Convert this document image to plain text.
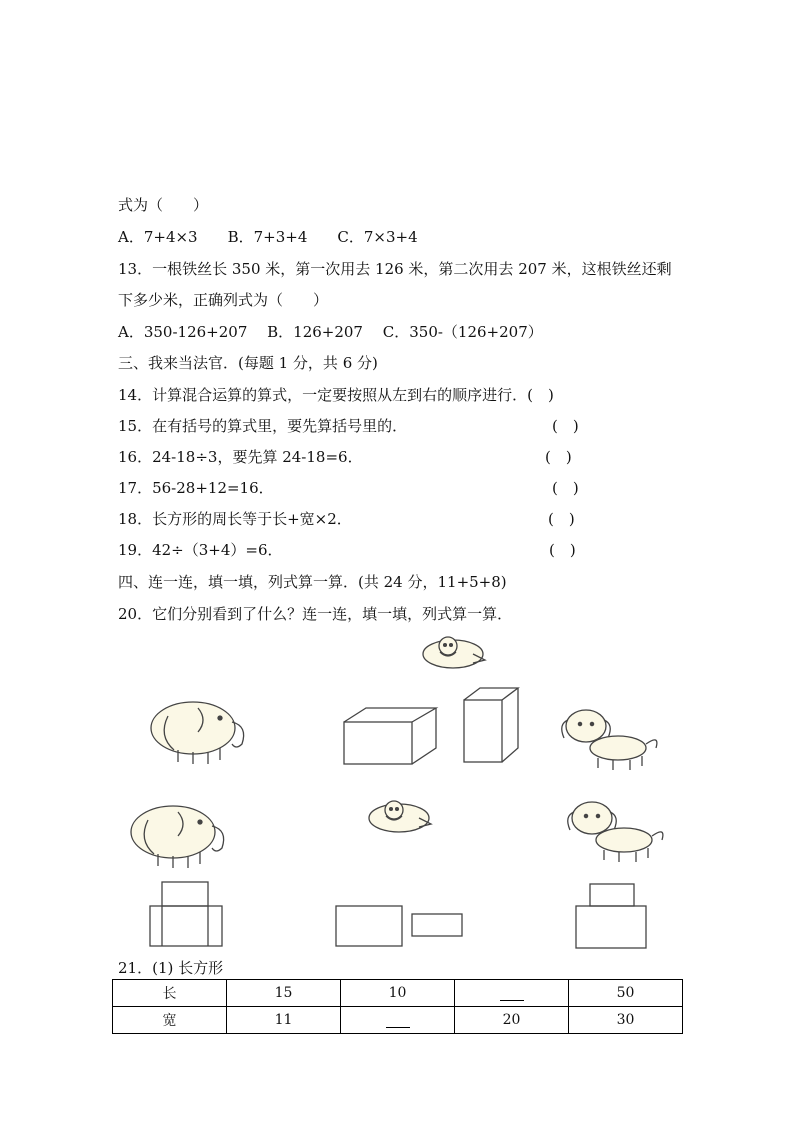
式为（　　）
A．7+4×3　　B．7+3+4　　C．7×3+4
13．一根铁丝长 350 米，第一次用去 126 米，第二次用去 207 米，这根铁丝还剩
下多少米，正确列式为（　　）
A．350-126+207　 B．126+207　 C．350-（126+207）
三、我来当法官．(每题 1 分，共 6 分)
14．计算混合运算的算式，一定要按照从左到右的顺序进行．(　)
15．在有括号的算式里，要先算括号里的．	(　)
16．24-18÷3，要先算 24-18=6．	(　)
17．56-28+12=16．	(　)
18．长方形的周长等于长+宽×2．	(　)
19．42÷（3+4）=6．	(　)
四、连一连，填一填，列式算一算．(共 24 分，11+5+8)
20．它们分别看到了什么？连一连，填一填，列式算一算．
21．(1) 长方形
长	15	10		50
宽	11		20	30
